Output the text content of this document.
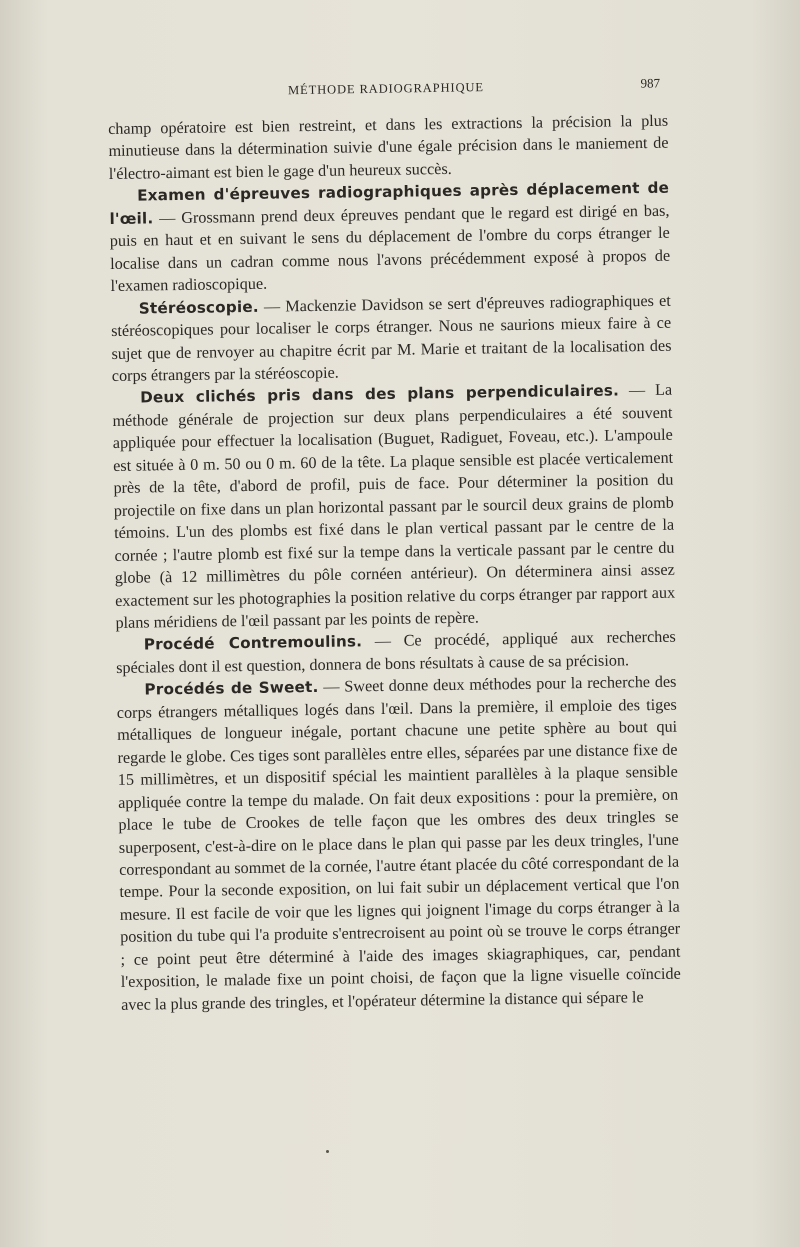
MÉTHODE RADIOGRAPHIQUE	987

champ opératoire est bien restreint, et dans les extractions la précision la plus minutieuse dans la détermination suivie d'une égale précision dans le maniement de l'électro-aimant est bien le gage d'un heureux succès.

Examen d'épreuves radiographiques après déplacement de l'œil. — Grossmann prend deux épreuves pendant que le regard est dirigé en bas, puis en haut et en suivant le sens du déplacement de l'ombre du corps étranger le localise dans un cadran comme nous l'avons précédemment exposé à propos de l'examen radioscopique.

Stéréoscopie. — Mackenzie Davidson se sert d'épreuves radiographiques et stéréoscopiques pour localiser le corps étranger. Nous ne saurions mieux faire à ce sujet que de renvoyer au chapitre écrit par M. Marie et traitant de la localisation des corps étrangers par la stéréoscopie.

Deux clichés pris dans des plans perpendiculaires. — La méthode générale de projection sur deux plans perpendiculaires a été souvent appliquée pour effectuer la localisation (Buguet, Radiguet, Foveau, etc.). L'ampoule est située à 0 m. 50 ou 0 m. 60 de la tête. La plaque sensible est placée verticalement près de la tête, d'abord de profil, puis de face. Pour déterminer la position du projectile on fixe dans un plan horizontal passant par le sourcil deux grains de plomb témoins. L'un des plombs est fixé dans le plan vertical passant par le centre de la cornée ; l'autre plomb est fixé sur la tempe dans la verticale passant par le centre du globe (à 12 millimètres du pôle cornéen antérieur). On déterminera ainsi assez exactement sur les photographies la position relative du corps étranger par rapport aux plans méridiens de l'œil passant par les points de repère.

Procédé Contremoulins. — Ce procédé, appliqué aux recherches spéciales dont il est question, donnera de bons résultats à cause de sa précision.

Procédés de Sweet. — Sweet donne deux méthodes pour la recherche des corps étrangers métalliques logés dans l'œil. Dans la première, il emploie des tiges métalliques de longueur inégale, portant chacune une petite sphère au bout qui regarde le globe. Ces tiges sont parallèles entre elles, séparées par une distance fixe de 15 millimètres, et un dispositif spécial les maintient parallèles à la plaque sensible appliquée contre la tempe du malade. On fait deux expositions : pour la première, on place le tube de Crookes de telle façon que les ombres des deux tringles se superposent, c'est-à-dire on le place dans le plan qui passe par les deux tringles, l'une correspondant au sommet de la cornée, l'autre étant placée du côté correspondant de la tempe. Pour la seconde exposition, on lui fait subir un déplacement vertical que l'on mesure. Il est facile de voir que les lignes qui joignent l'image du corps étranger à la position du tube qui l'a produite s'entrecroisent au point où se trouve le corps étranger ; ce point peut être déterminé à l'aide des images skiagraphiques, car, pendant l'exposition, le malade fixe un point choisi, de façon que la ligne visuelle coïncide avec la plus grande des tringles, et l'opérateur détermine la distance qui sépare le
